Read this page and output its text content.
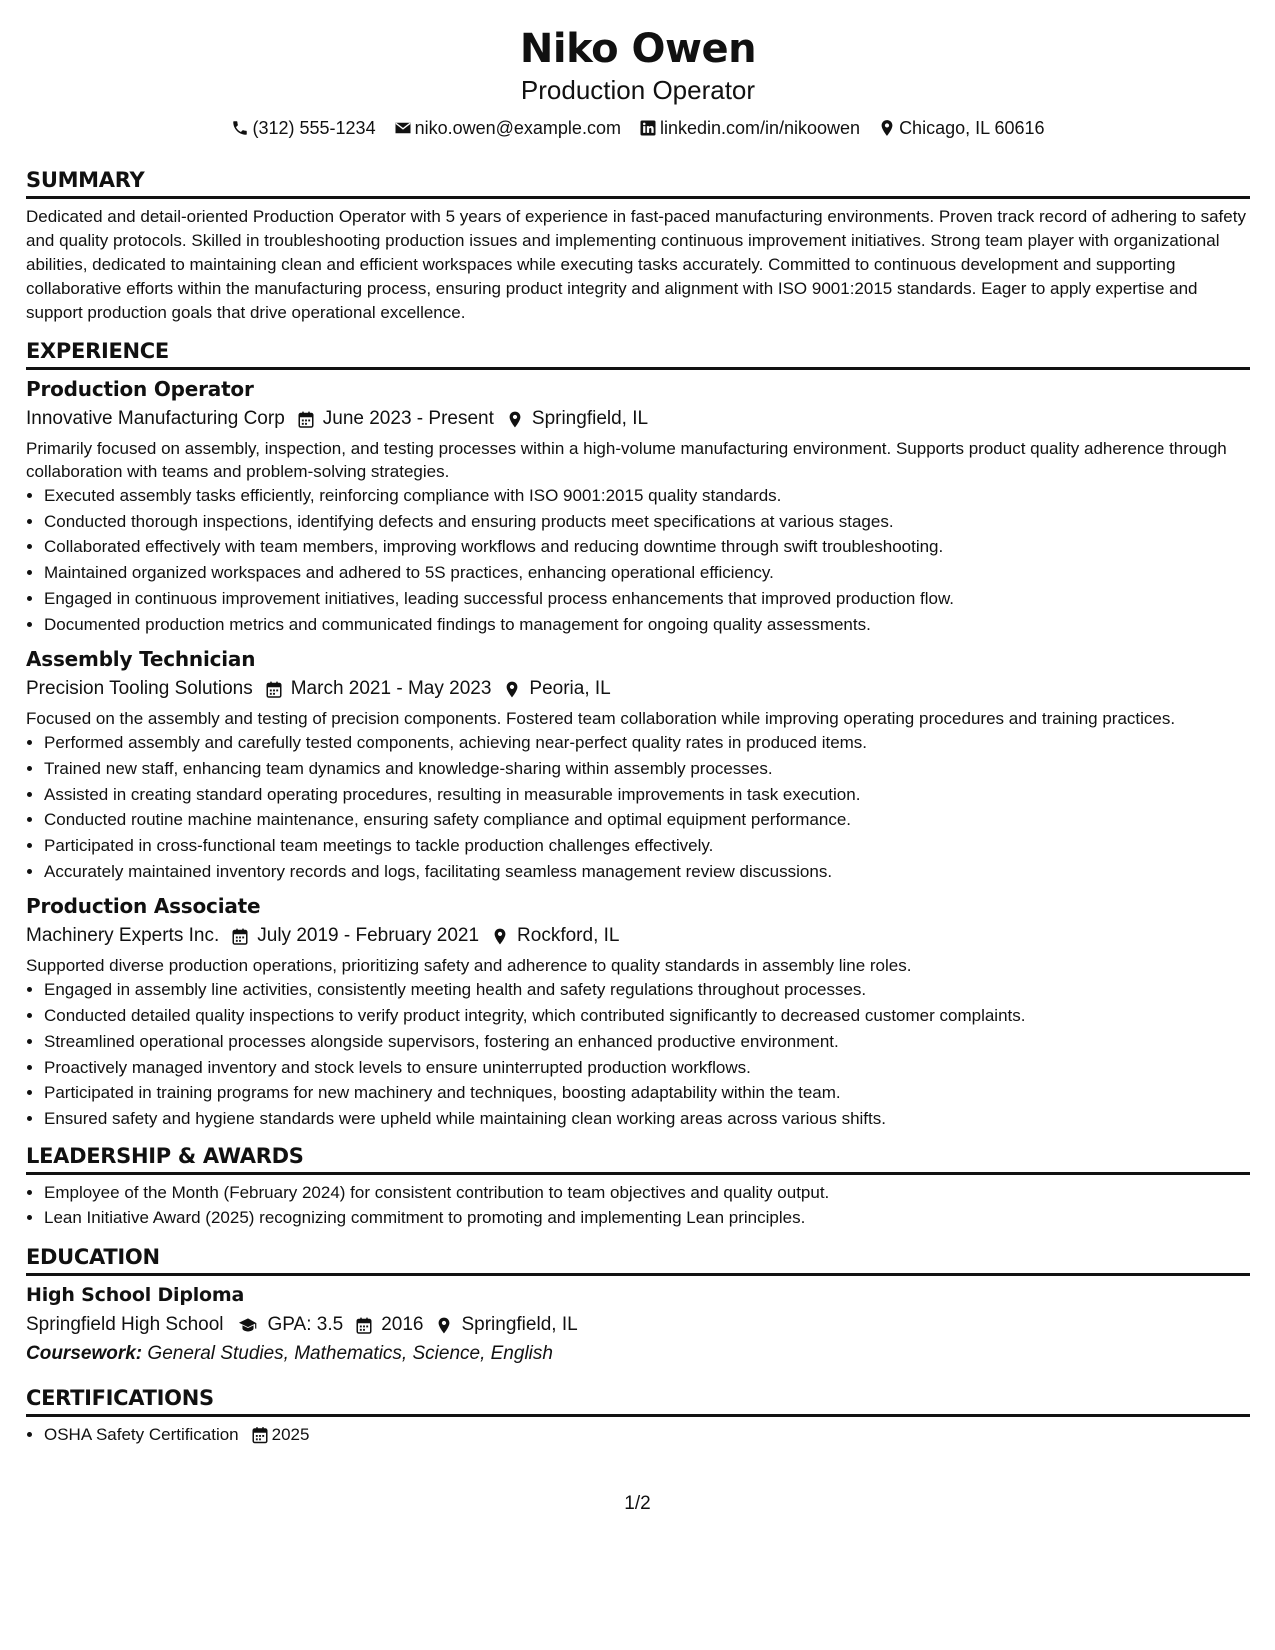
Niko Owen
Production Operator
(312) 555-1234 niko.owen@example.com linkedin.com/in/nikoowen Chicago, IL 60616
SUMMARY
Dedicated and detail-oriented Production Operator with 5 years of experience in fast-paced manufacturing environments. Proven track record of adhering to safety and quality protocols. Skilled in troubleshooting production issues and implementing continuous improvement initiatives. Strong team player with organizational abilities, dedicated to maintaining clean and efficient workspaces while executing tasks accurately. Committed to continuous development and supporting collaborative efforts within the manufacturing process, ensuring product integrity and alignment with ISO 9001:2015 standards. Eager to apply expertise and support production goals that drive operational excellence.
EXPERIENCE
Production Operator
Innovative Manufacturing Corp June 2023 - Present Springfield, IL
Primarily focused on assembly, inspection, and testing processes within a high-volume manufacturing environment. Supports product quality adherence through collaboration with teams and problem-solving strategies.
• Executed assembly tasks efficiently, reinforcing compliance with ISO 9001:2015 quality standards.
• Conducted thorough inspections, identifying defects and ensuring products meet specifications at various stages.
• Collaborated effectively with team members, improving workflows and reducing downtime through swift troubleshooting.
• Maintained organized workspaces and adhered to 5S practices, enhancing operational efficiency.
• Engaged in continuous improvement initiatives, leading successful process enhancements that improved production flow.
• Documented production metrics and communicated findings to management for ongoing quality assessments.
Assembly Technician
Precision Tooling Solutions March 2021 - May 2023 Peoria, IL
Focused on the assembly and testing of precision components. Fostered team collaboration while improving operating procedures and training practices.
• Performed assembly and carefully tested components, achieving near-perfect quality rates in produced items.
• Trained new staff, enhancing team dynamics and knowledge-sharing within assembly processes.
• Assisted in creating standard operating procedures, resulting in measurable improvements in task execution.
• Conducted routine machine maintenance, ensuring safety compliance and optimal equipment performance.
• Participated in cross-functional team meetings to tackle production challenges effectively.
• Accurately maintained inventory records and logs, facilitating seamless management review discussions.
Production Associate
Machinery Experts Inc. July 2019 - February 2021 Rockford, IL
Supported diverse production operations, prioritizing safety and adherence to quality standards in assembly line roles.
• Engaged in assembly line activities, consistently meeting health and safety regulations throughout processes.
• Conducted detailed quality inspections to verify product integrity, which contributed significantly to decreased customer complaints.
• Streamlined operational processes alongside supervisors, fostering an enhanced productive environment.
• Proactively managed inventory and stock levels to ensure uninterrupted production workflows.
• Participated in training programs for new machinery and techniques, boosting adaptability within the team.
• Ensured safety and hygiene standards were upheld while maintaining clean working areas across various shifts.
LEADERSHIP & AWARDS
• Employee of the Month (February 2024) for consistent contribution to team objectives and quality output.
• Lean Initiative Award (2025) recognizing commitment to promoting and implementing Lean principles.
EDUCATION
High School Diploma
Springfield High School GPA: 3.5 2016 Springfield, IL
Coursework: General Studies, Mathematics, Science, English
CERTIFICATIONS
• OSHA Safety Certification 2025
1/2
